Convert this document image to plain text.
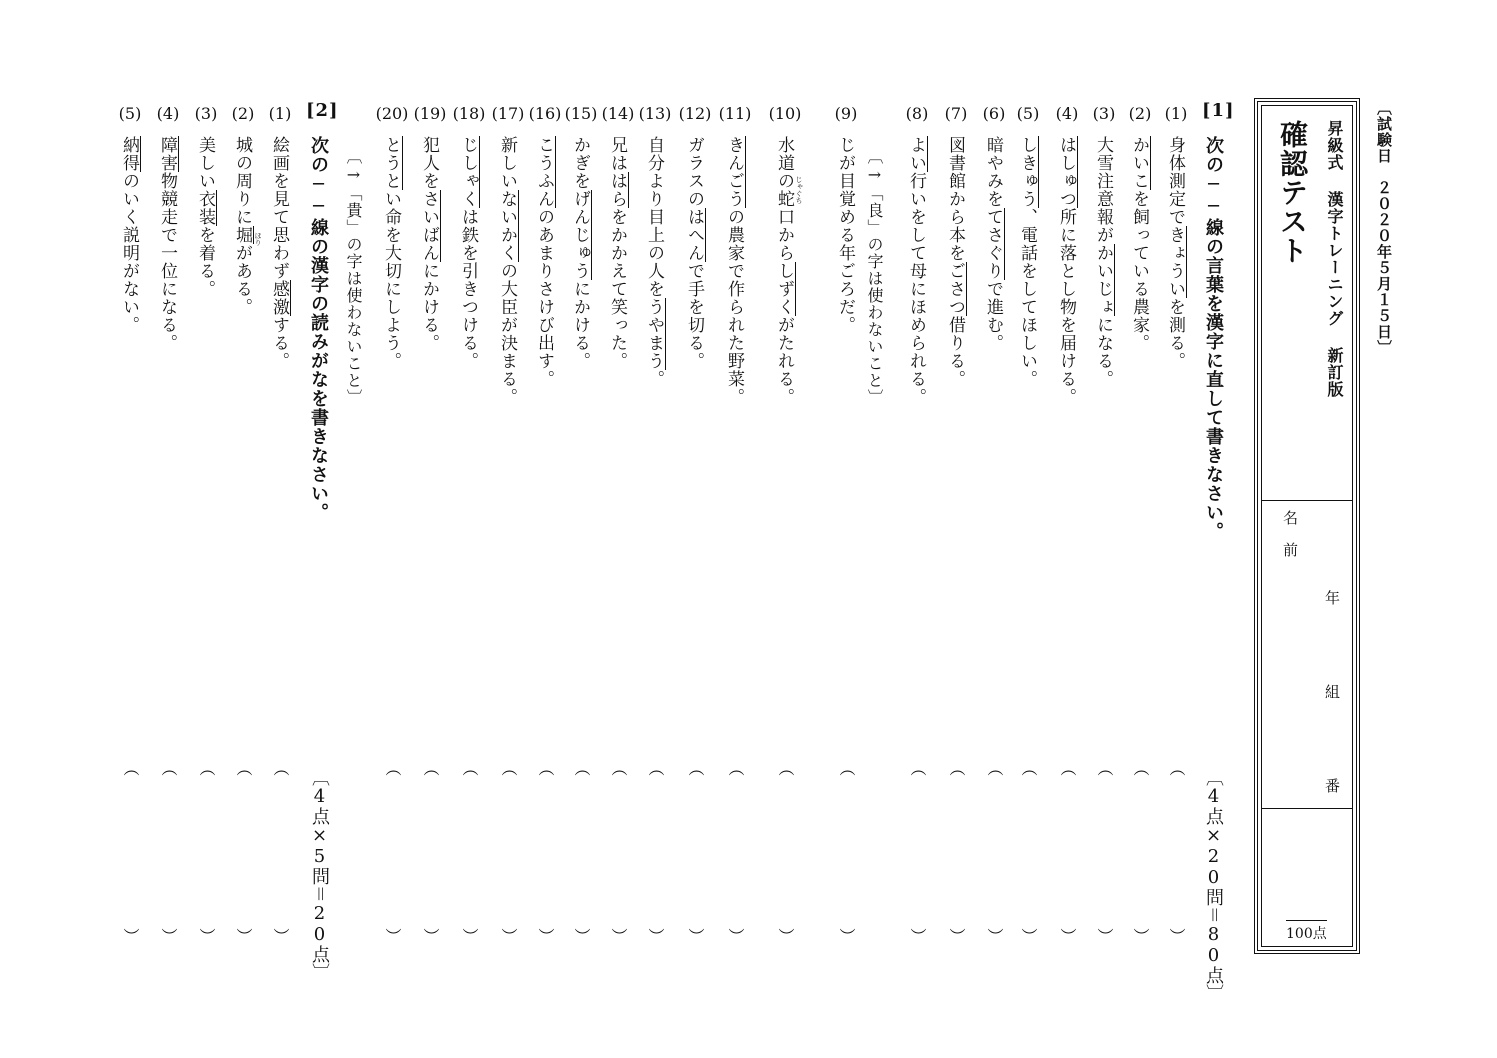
〔試験日　２０２０年５月１５日〕
昇級式 漢字トレーニング 新訂版
確認テスト
名　前
年
組
番
100点
[1]
次の──線の言葉を漢字に直して書きなさい。
〔4点×20問＝80点〕
(1)
身体測定できょういを測る。
（
）
(2)
かいこを飼っている農家。
（
）
(3)
大雪注意報がかいじょになる。
（
）
(4)
はしゅつ所に落とし物を届ける。
（
）
(5)
しきゅう、電話をしてほしい。
（
）
(6)
暗やみをてさぐりで進む。
（
）
(7)
図書館から本をごさつ借りる。
（
）
(8)
よい行いをして母にほめられる。
（
）
(9)
じが目覚める年ごろだ。
（
）
(10)
水道の蛇口からしずくがたれる。
（
）
(11)
きんごうの農家で作られた野菜。
（
）
(12)
ガラスのはへんで手を切る。
（
）
(13)
自分より目上の人をうやまう。
（
）
(14)
兄ははらをかかえて笑った。
（
）
(15)
かぎをげんじゅうにかける。
（
）
(16)
こうふんのあまりさけび出す。
（
）
(17)
新しいないかくの大臣が決まる。
（
）
(18)
じしゃくは鉄を引きつける。
（
）
(19)
犯人をさいばんにかける。
（
）
(20)
とうとい命を大切にしよう。
（
）
〔→「良」の字は使わないこと〕
〔→「貴」の字は使わないこと〕	じゃぐち
[2]
次の──線の漢字の読みがなを書きなさい。
〔4点×5問＝20点〕
ほり
(1)
絵画を見て思わず感激する。
（
）
(2)
城の周りに堀がある。
（
）
(3)
美しい衣装を着る。
（
）
(4)
障害物競走で一位になる。
（
）
(5)
納得のいく説明がない。
（
）
